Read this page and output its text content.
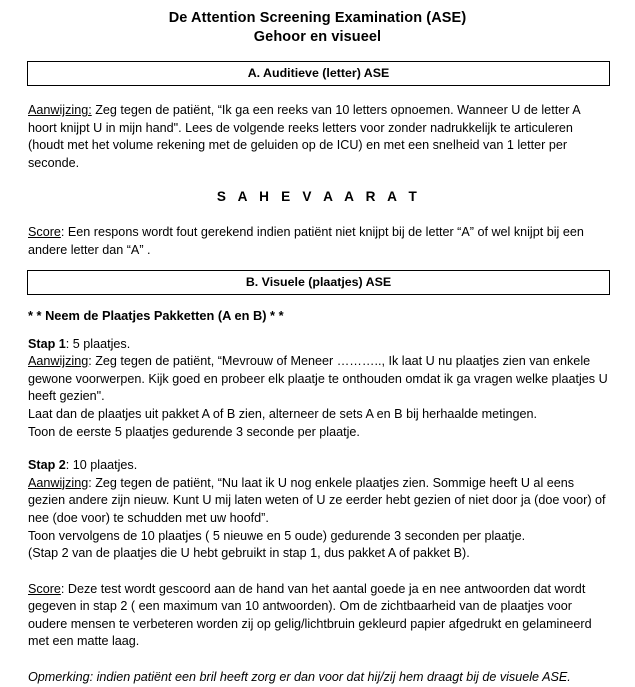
De Attention Screening Examination (ASE)
Gehoor en visueel
A. Auditieve (letter) ASE

Aanwijzing: Zeg tegen de patiënt, “Ik ga een reeks van 10 letters opnoemen. Wanneer U de letter A hoort knijpt U in mijn hand". Lees de volgende reeks letters voor zonder nadrukkelijk te articuleren (houdt met het volume rekening met de geluiden op de ICU) en met een snelheid van 1 letter per seconde.

S A H E V A A R A T

Score: Een respons wordt fout gerekend indien patiënt niet knijpt bij de letter “A” of wel knijpt bij een andere letter dan “A” .

B. Visuele (plaatjes) ASE

* * Neem de Plaatjes Pakketten (A en B) * *

Stap 1: 5 plaatjes.

Aanwijzing: Zeg tegen de patiënt, “Mevrouw of Meneer ……….., Ik laat U nu plaatjes zien van enkele gewone voorwerpen. Kijk goed en probeer elk plaatje te onthouden omdat ik ga vragen welke plaatjes U heeft gezien".

Laat dan de plaatjes uit pakket A of B zien, alterneer de sets A en B bij herhaalde metingen.

Toon de eerste 5 plaatjes gedurende 3 seconde per plaatje.

Stap 2: 10 plaatjes.

Aanwijzing: Zeg tegen de patiënt, “Nu laat ik U nog enkele plaatjes zien. Sommige heeft U al eens gezien andere zijn nieuw. Kunt U mij laten weten of U ze eerder hebt gezien of niet door ja (doe voor) of nee (doe voor) te schudden met uw hoofd”.

Toon vervolgens de 10 plaatjes ( 5 nieuwe en 5 oude) gedurende 3 seconden per plaatje.

(Stap 2 van de plaatjes die U hebt gebruikt in stap 1, dus pakket A of pakket B).

Score: Deze test wordt gescoord aan de hand van het aantal goede ja en nee antwoorden dat wordt gegeven in stap 2 ( een maximum van 10 antwoorden). Om de zichtbaarheid van de plaatjes voor oudere mensen te verbeteren worden zij op gelig/lichtbruin gekleurd papier afgedrukt en gelamineerd met een matte laag.

Opmerking: indien patiënt een bril heeft zorg er dan voor dat hij/zij hem draagt bij de visuele ASE.
